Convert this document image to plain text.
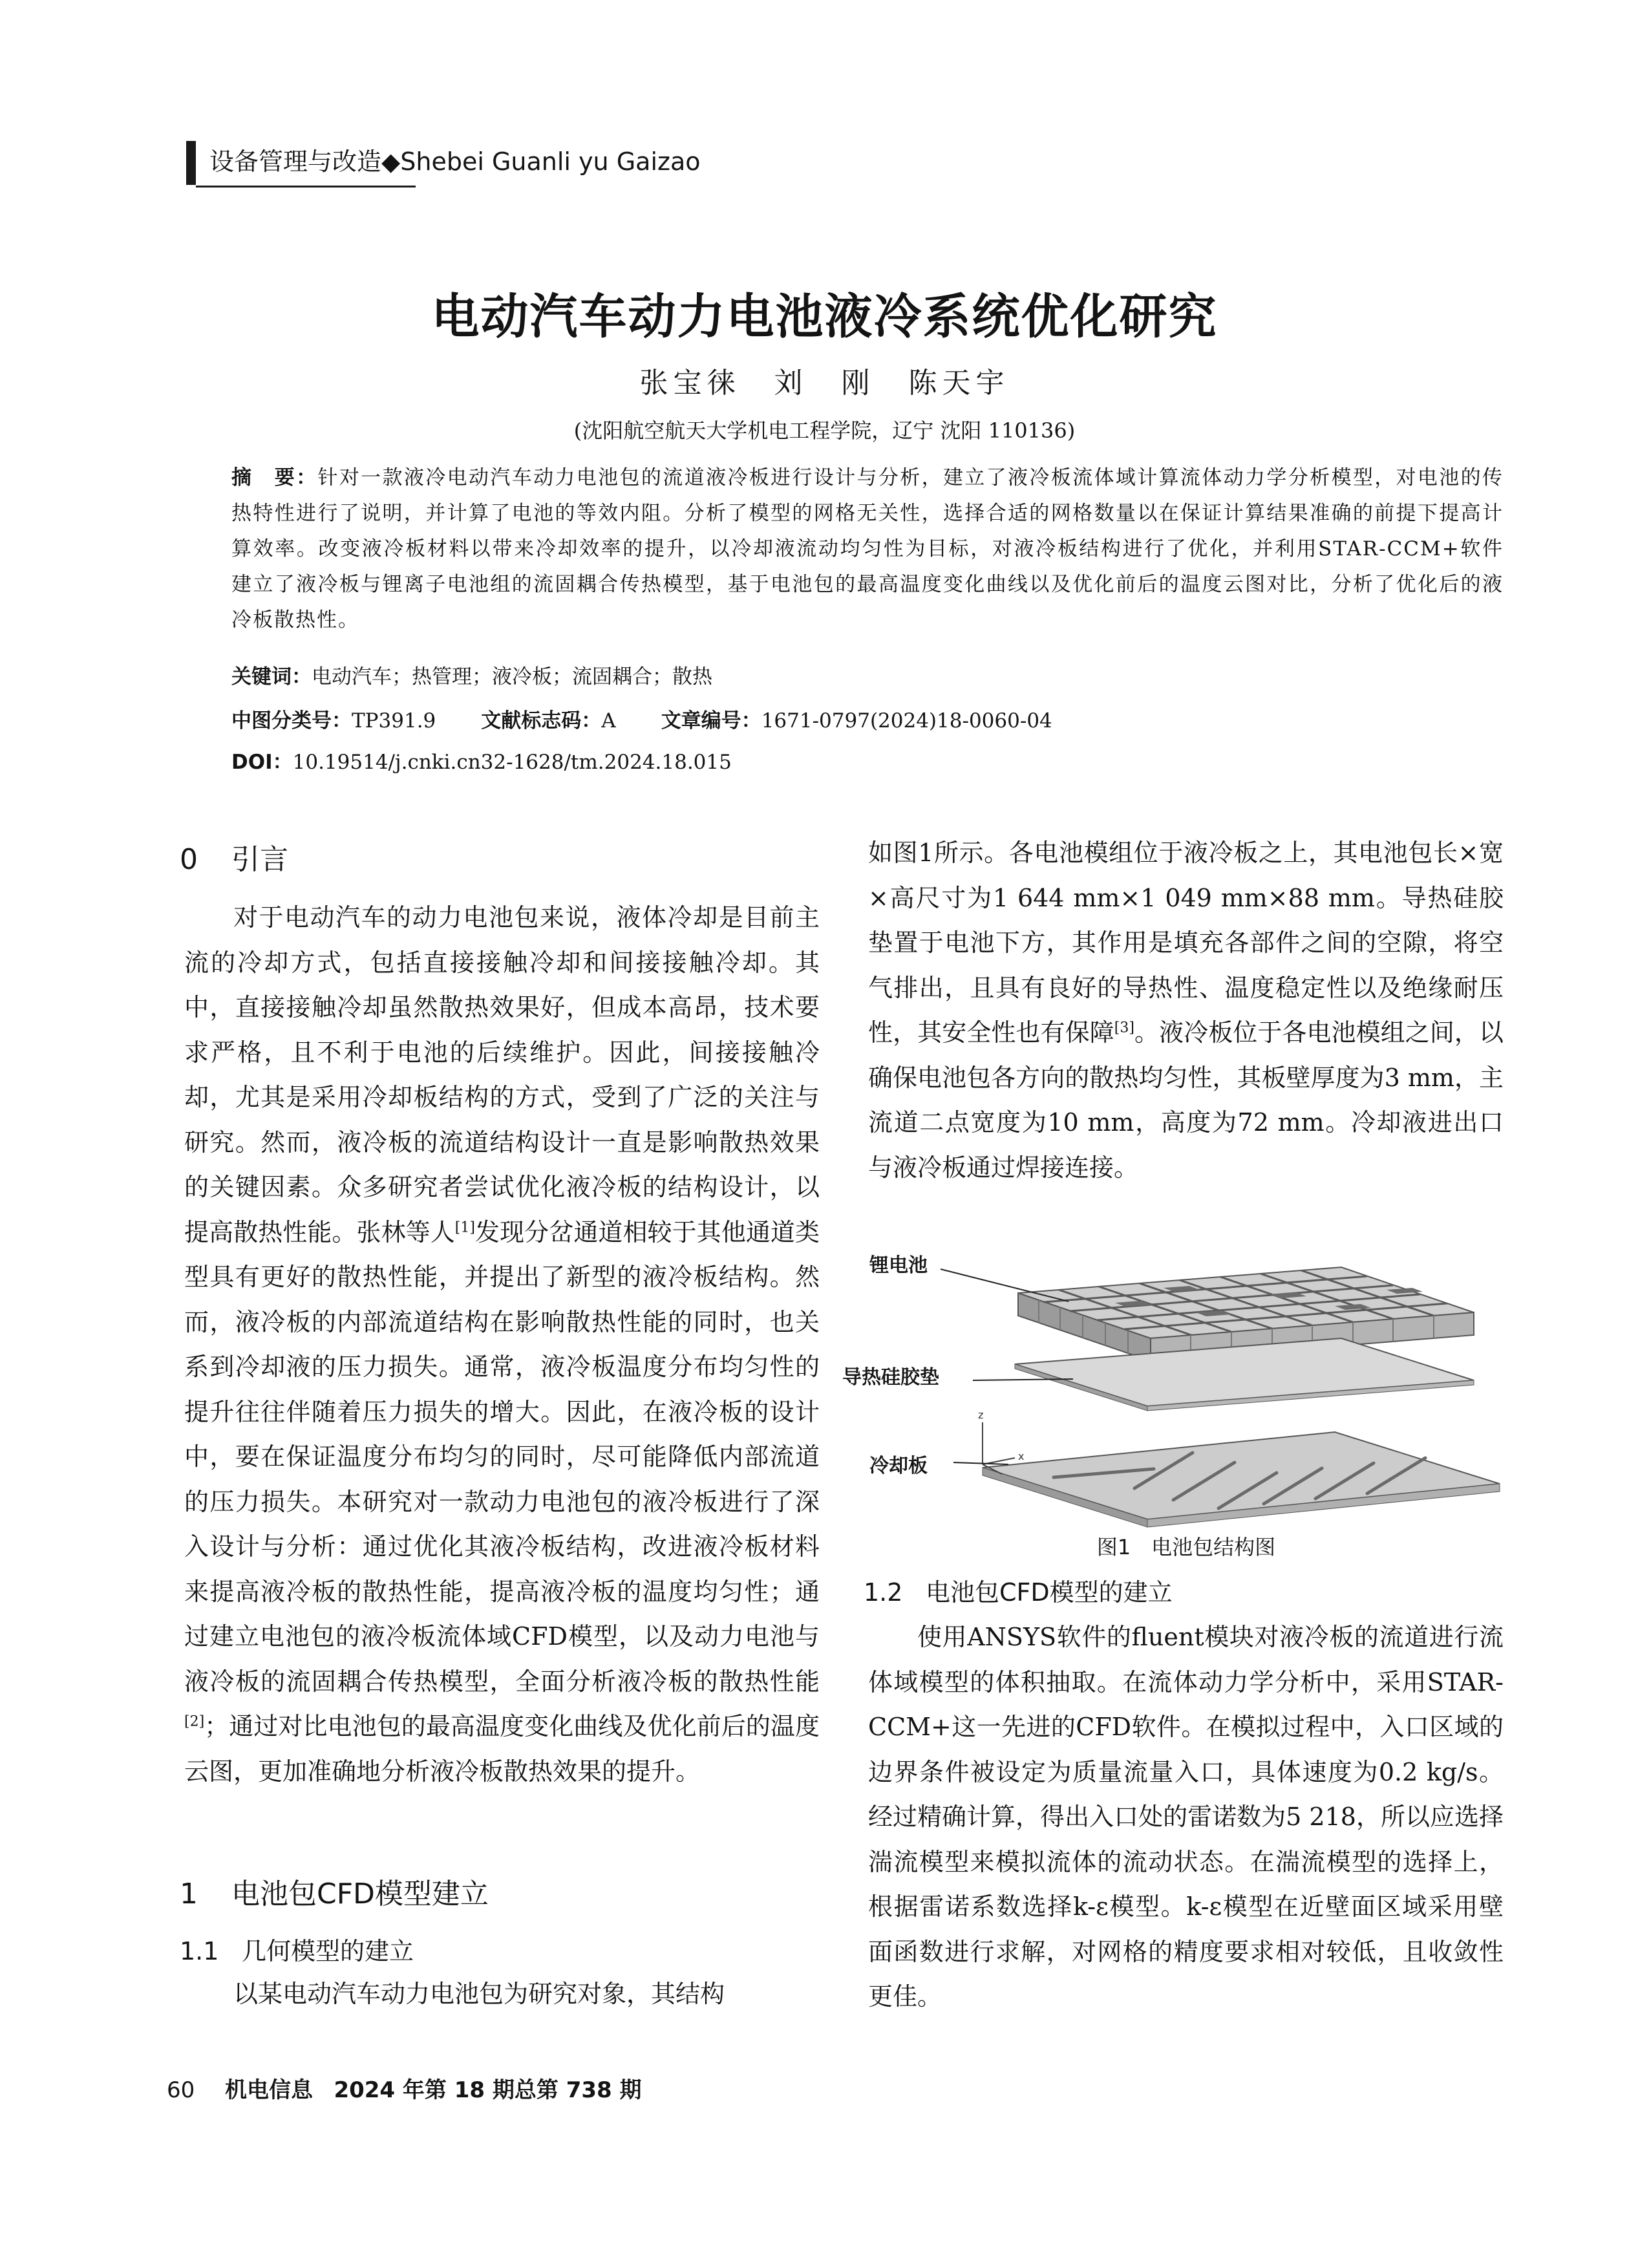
设备管理与改造◆Shebei Guanli yu Gaizao
电动汽车动力电池液冷系统优化研究
张宝徕　刘　刚　陈天宇
(沈阳航空航天大学机电工程学院，辽宁 沈阳 110136)
摘　要：针对一款液冷电动汽车动力电池包的流道液冷板进行设计与分析，建立了液冷板流体域计算流体动力学分析模型，对电池的传热特性进行了说明，并计算了电池的等效内阻。分析了模型的网格无关性，选择合适的网格数量以在保证计算结果准确的前提下提高计算效率。改变液冷板材料以带来冷却效率的提升，以冷却液流动均匀性为目标，对液冷板结构进行了优化，并利用STAR-CCM+软件建立了液冷板与锂离子电池组的流固耦合传热模型，基于电池包的最高温度变化曲线以及优化前后的温度云图对比，分析了优化后的液冷板散热性。
关键词：电动汽车；热管理；液冷板；流固耦合；散热
中图分类号：TP391.9 文献标志码：A 文章编号：1671-0797(2024)18-0060-04
DOI：10.19514/j.cnki.cn32-1628/tm.2024.18.015
0 引言

对于电动汽车的动力电池包来说，液体冷却是目前主流的冷却方式，包括直接接触冷却和间接接触冷却。其中，直接接触冷却虽然散热效果好，但成本高昂，技术要求严格，且不利于电池的后续维护。因此，间接接触冷却，尤其是采用冷却板结构的方式，受到了广泛的关注与研究。然而，液冷板的流道结构设计一直是影响散热效果的关键因素。众多研究者尝试优化液冷板的结构设计，以提高散热性能。张林等人[1]发现分岔通道相较于其他通道类型具有更好的散热性能，并提出了新型的液冷板结构。然而，液冷板的内部流道结构在影响散热性能的同时，也关系到冷却液的压力损失。通常，液冷板温度分布均匀性的提升往往伴随着压力损失的增大。因此，在液冷板的设计中，要在保证温度分布均匀的同时，尽可能降低内部流道的压力损失。本研究对一款动力电池包的液冷板进行了深入设计与分析：通过优化其液冷板结构，改进液冷板材料来提高液冷板的散热性能，提高液冷板的温度均匀性；通过建立电池包的液冷板流体域CFD模型，以及动力电池与液冷板的流固耦合传热模型，全面分析液冷板的散热性能[2]；通过对比电池包的最高温度变化曲线及优化前后的温度云图，更加准确地分析液冷板散热效果的提升。

1 电池包CFD模型建立
1.1 几何模型的建立

以某电动汽车动力电池包为研究对象，其结构

如图1所示。各电池模组位于液冷板之上，其电池包长×宽×高尺寸为1 644 mm×1 049 mm×88 mm。导热硅胶垫置于电池下方，其作用是填充各部件之间的空隙，将空气排出，且具有良好的导热性、温度稳定性以及绝缘耐压性，其安全性也有保障[3]。液冷板位于各电池模组之间，以确保电池包各方向的散热均匀性，其板壁厚度为3 mm，主流道二点宽度为10 mm，高度为72 mm。冷却液进出口与液冷板通过焊接连接。

z
x
锂电池
导热硅胶垫
冷却板
图1　电池包结构图
1.2 电池包CFD模型的建立

使用ANSYS软件的fluent模块对液冷板的流道进行流体域模型的体积抽取。在流体动力学分析中，采用STAR-CCM+这一先进的CFD软件。在模拟过程中，入口区域的边界条件被设定为质量流量入口，具体速度为0.2 kg/s。经过精确计算，得出入口处的雷诺数为5 218，所以应选择湍流模型来模拟流体的流动状态。在湍流模型的选择上，根据雷诺系数选择k-ε模型。k-ε模型在近壁面区域采用壁面函数进行求解，对网格的精度要求相对较低，且收敛性更佳。

60 机电信息 2024 年第 18 期总第 738 期
